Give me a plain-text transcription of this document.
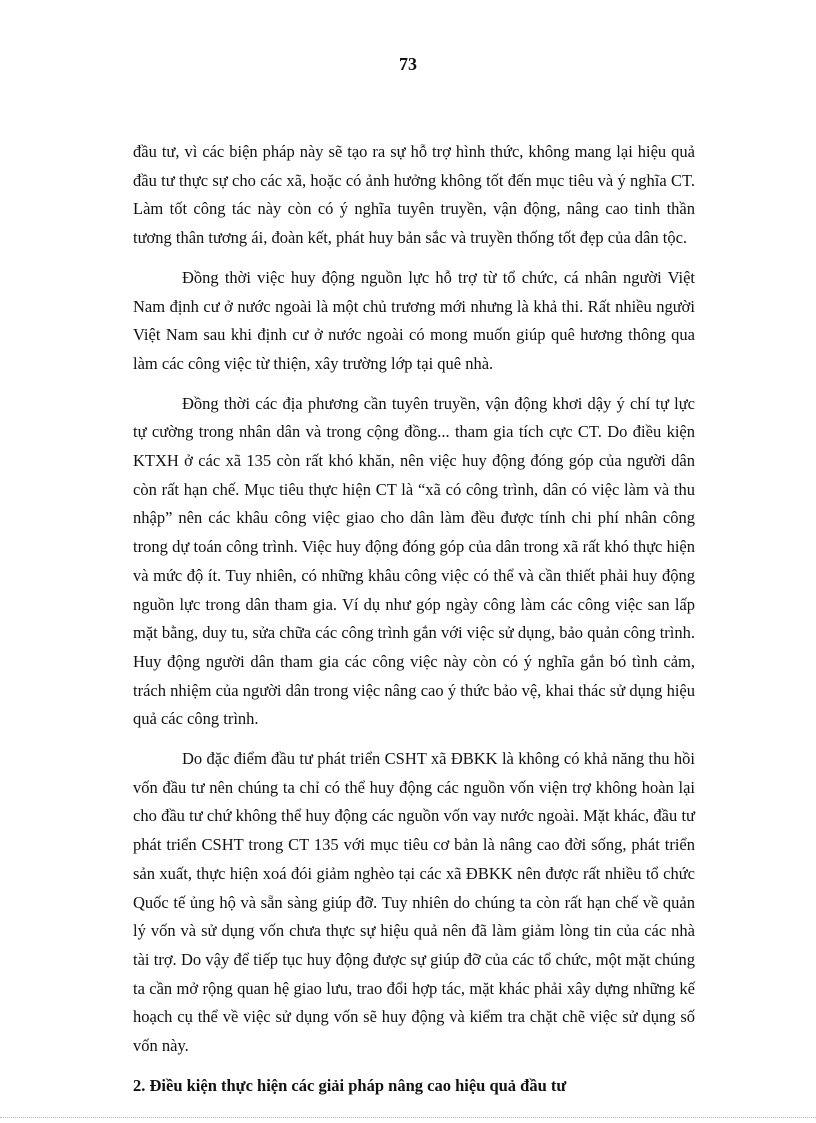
73

đầu tư, vì các biện pháp này sẽ tạo ra sự hỗ trợ hình thức, không mang lại hiệu quả đầu tư thực sự cho các xã, hoặc có ảnh hưởng không tốt đến mục tiêu và ý nghĩa CT. Làm tốt công tác này còn có ý nghĩa tuyên truyền, vận động, nâng cao tinh thần tương thân tương ái, đoàn kết, phát huy bản sắc và truyền thống tốt đẹp của dân tộc.

Đồng thời việc huy động nguồn lực hỗ trợ từ tổ chức, cá nhân người Việt Nam định cư ở nước ngoài là một chủ trương mới nhưng là khả thi. Rất nhiều người Việt Nam sau khi định cư ở nước ngoài có mong muốn giúp quê hương thông qua làm các công việc từ thiện, xây trường lớp tại quê nhà.

Đồng thời các địa phương cần tuyên truyền, vận động khơi dậy ý chí tự lực tự cường trong nhân dân và trong cộng đồng... tham gia tích cực CT. Do điều kiện KTXH ở các xã 135 còn rất khó khăn, nên việc huy động đóng góp của người dân còn rất hạn chế. Mục tiêu thực hiện CT là “xã có công trình, dân có việc làm và thu nhập” nên các khâu công việc giao cho dân làm đều được tính chi phí nhân công trong dự toán công trình. Việc huy động đóng góp của dân trong xã rất khó thực hiện và mức độ ít. Tuy nhiên, có những khâu công việc có thể và cần thiết phải huy động nguồn lực trong dân tham gia. Ví dụ như góp ngày công làm các công việc san lấp mặt bằng, duy tu, sửa chữa các công trình gắn với việc sử dụng, bảo quản công trình. Huy động người dân tham gia các công việc này còn có ý nghĩa gắn bó tình cảm, trách nhiệm của người dân trong việc nâng cao ý thức bảo vệ, khai thác sử dụng hiệu quả các công trình.

Do đặc điểm đầu tư phát triển CSHT xã ĐBKK là không có khả năng thu hồi vốn đầu tư nên chúng ta chỉ có thể huy động các nguồn vốn viện trợ không hoàn lại cho đầu tư chứ không thể huy động các nguồn vốn vay nước ngoài. Mặt khác, đầu tư phát triển CSHT trong CT 135 với mục tiêu cơ bản là nâng cao đời sống, phát triển sản xuất, thực hiện xoá đói giảm nghèo tại các xã ĐBKK nên được rất nhiều tổ chức Quốc tế ủng hộ và sẵn sàng giúp đỡ. Tuy nhiên do chúng ta còn rất hạn chế về quản lý vốn và sử dụng vốn chưa thực sự hiệu quả nên đã làm giảm lòng tin của các nhà tài trợ. Do vậy để tiếp tục huy động được sự giúp đỡ của các tổ chức, một mặt chúng ta cần mở rộng quan hệ giao lưu, trao đổi hợp tác, mặt khác phải xây dựng những kế hoạch cụ thể về việc sử dụng vốn sẽ huy động và kiểm tra chặt chẽ việc sử dụng số vốn này.

2. Điều kiện thực hiện các giải pháp nâng cao hiệu quả đầu tư
